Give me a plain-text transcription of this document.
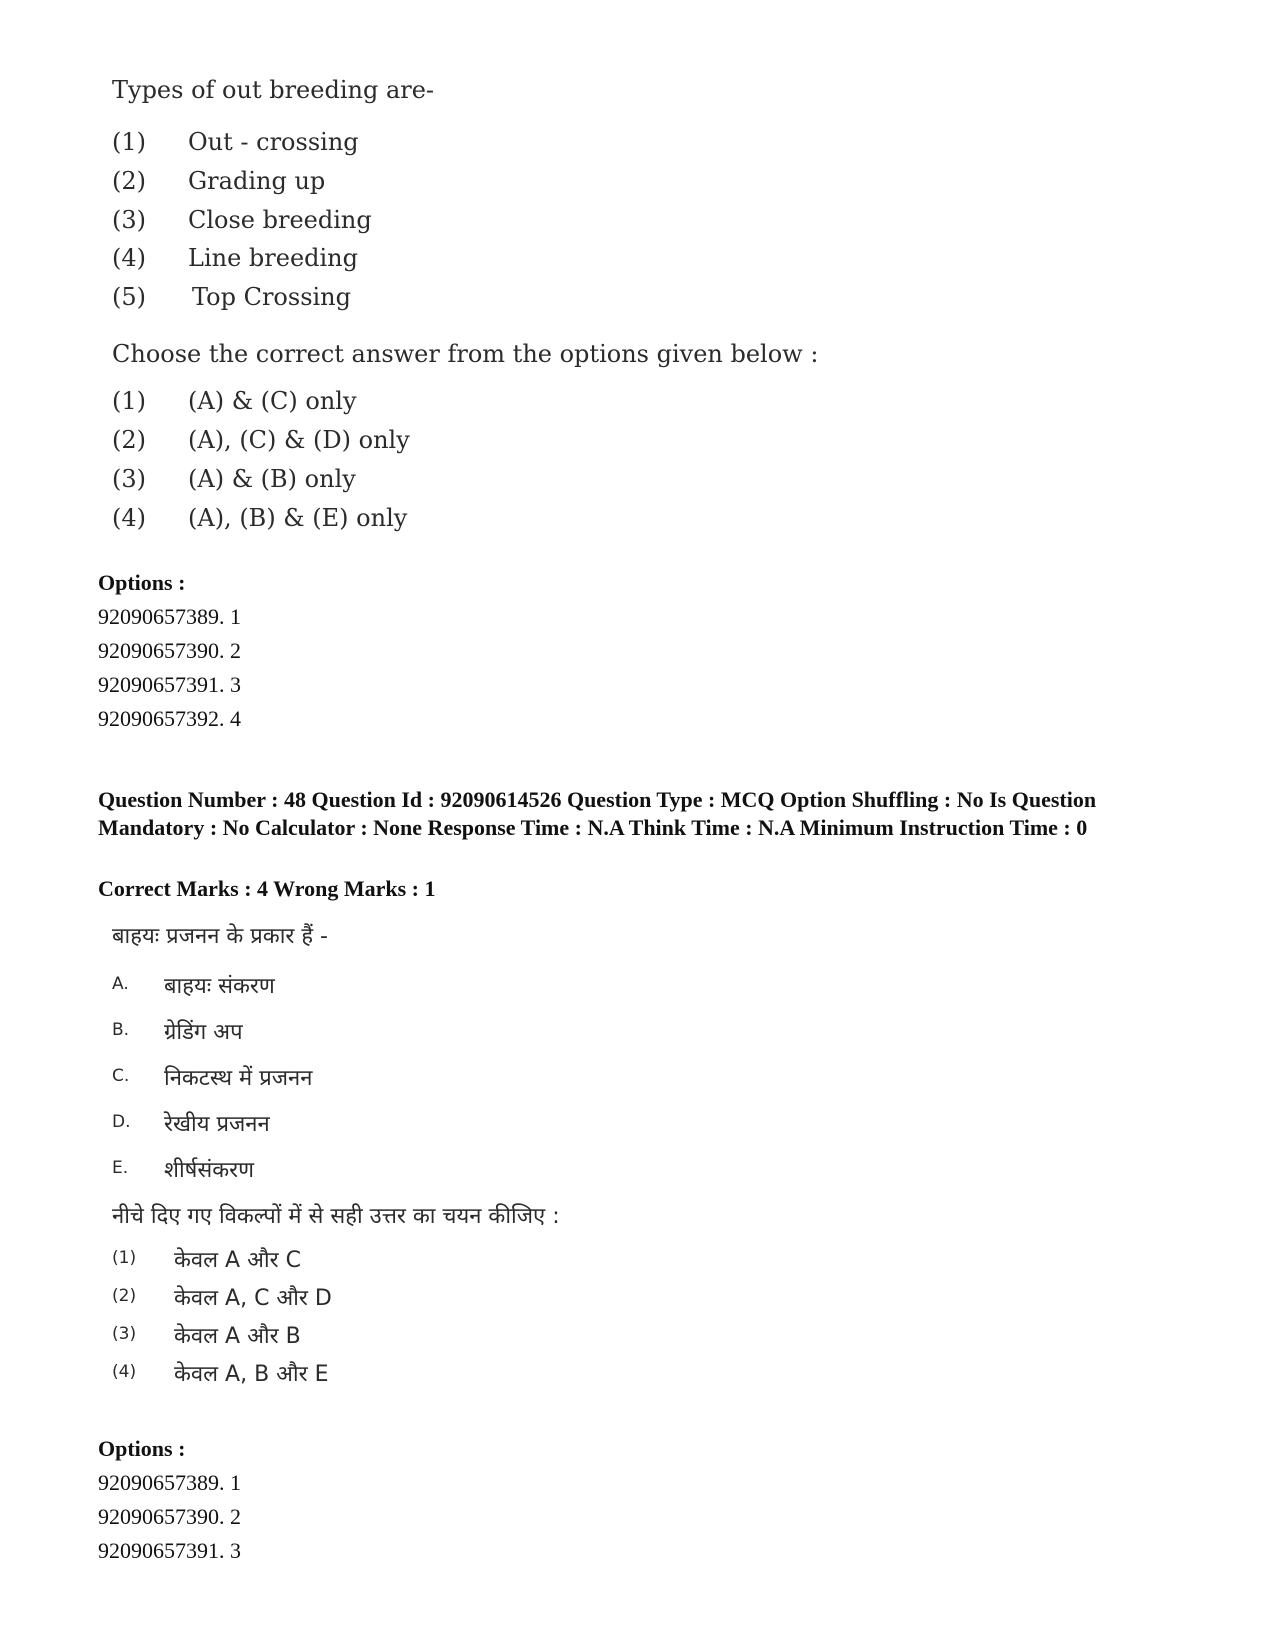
Types of out breeding are-
(1)	Out - crossing
(2)	Grading up
(3)	Close breeding
(4)	Line breeding
(5)	Top Crossing
Choose the correct answer from the options given below :
(1)	(A) & (C) only
(2)	(A), (C) & (D) only
(3)	(A) & (B) only
(4)	(A), (B) & (E) only
Options :
92090657389. 1
92090657390. 2
92090657391. 3
92090657392. 4
Question Number : 48 Question Id : 92090614526 Question Type : MCQ Option Shuffling : No Is Question Mandatory : No Calculator : None Response Time : N.A Think Time : N.A Minimum Instruction Time : 0
Correct Marks : 4 Wrong Marks : 1
बाहयः प्रजनन के प्रकार हैं -
A. बाहयः संकरण
B. ग्रेडिंग अप
C. निकटस्थ में प्रजनन
D. रेखीय प्रजनन
E. शीर्षसंकरण
नीचे दिए गए विकल्पों में से सही उत्तर का चयन कीजिए :
(1) केवल A और C
(2) केवल A, C और D
(3) केवल A और B
(4) केवल A, B और E
Options :
92090657389. 1
92090657390. 2
92090657391. 3
